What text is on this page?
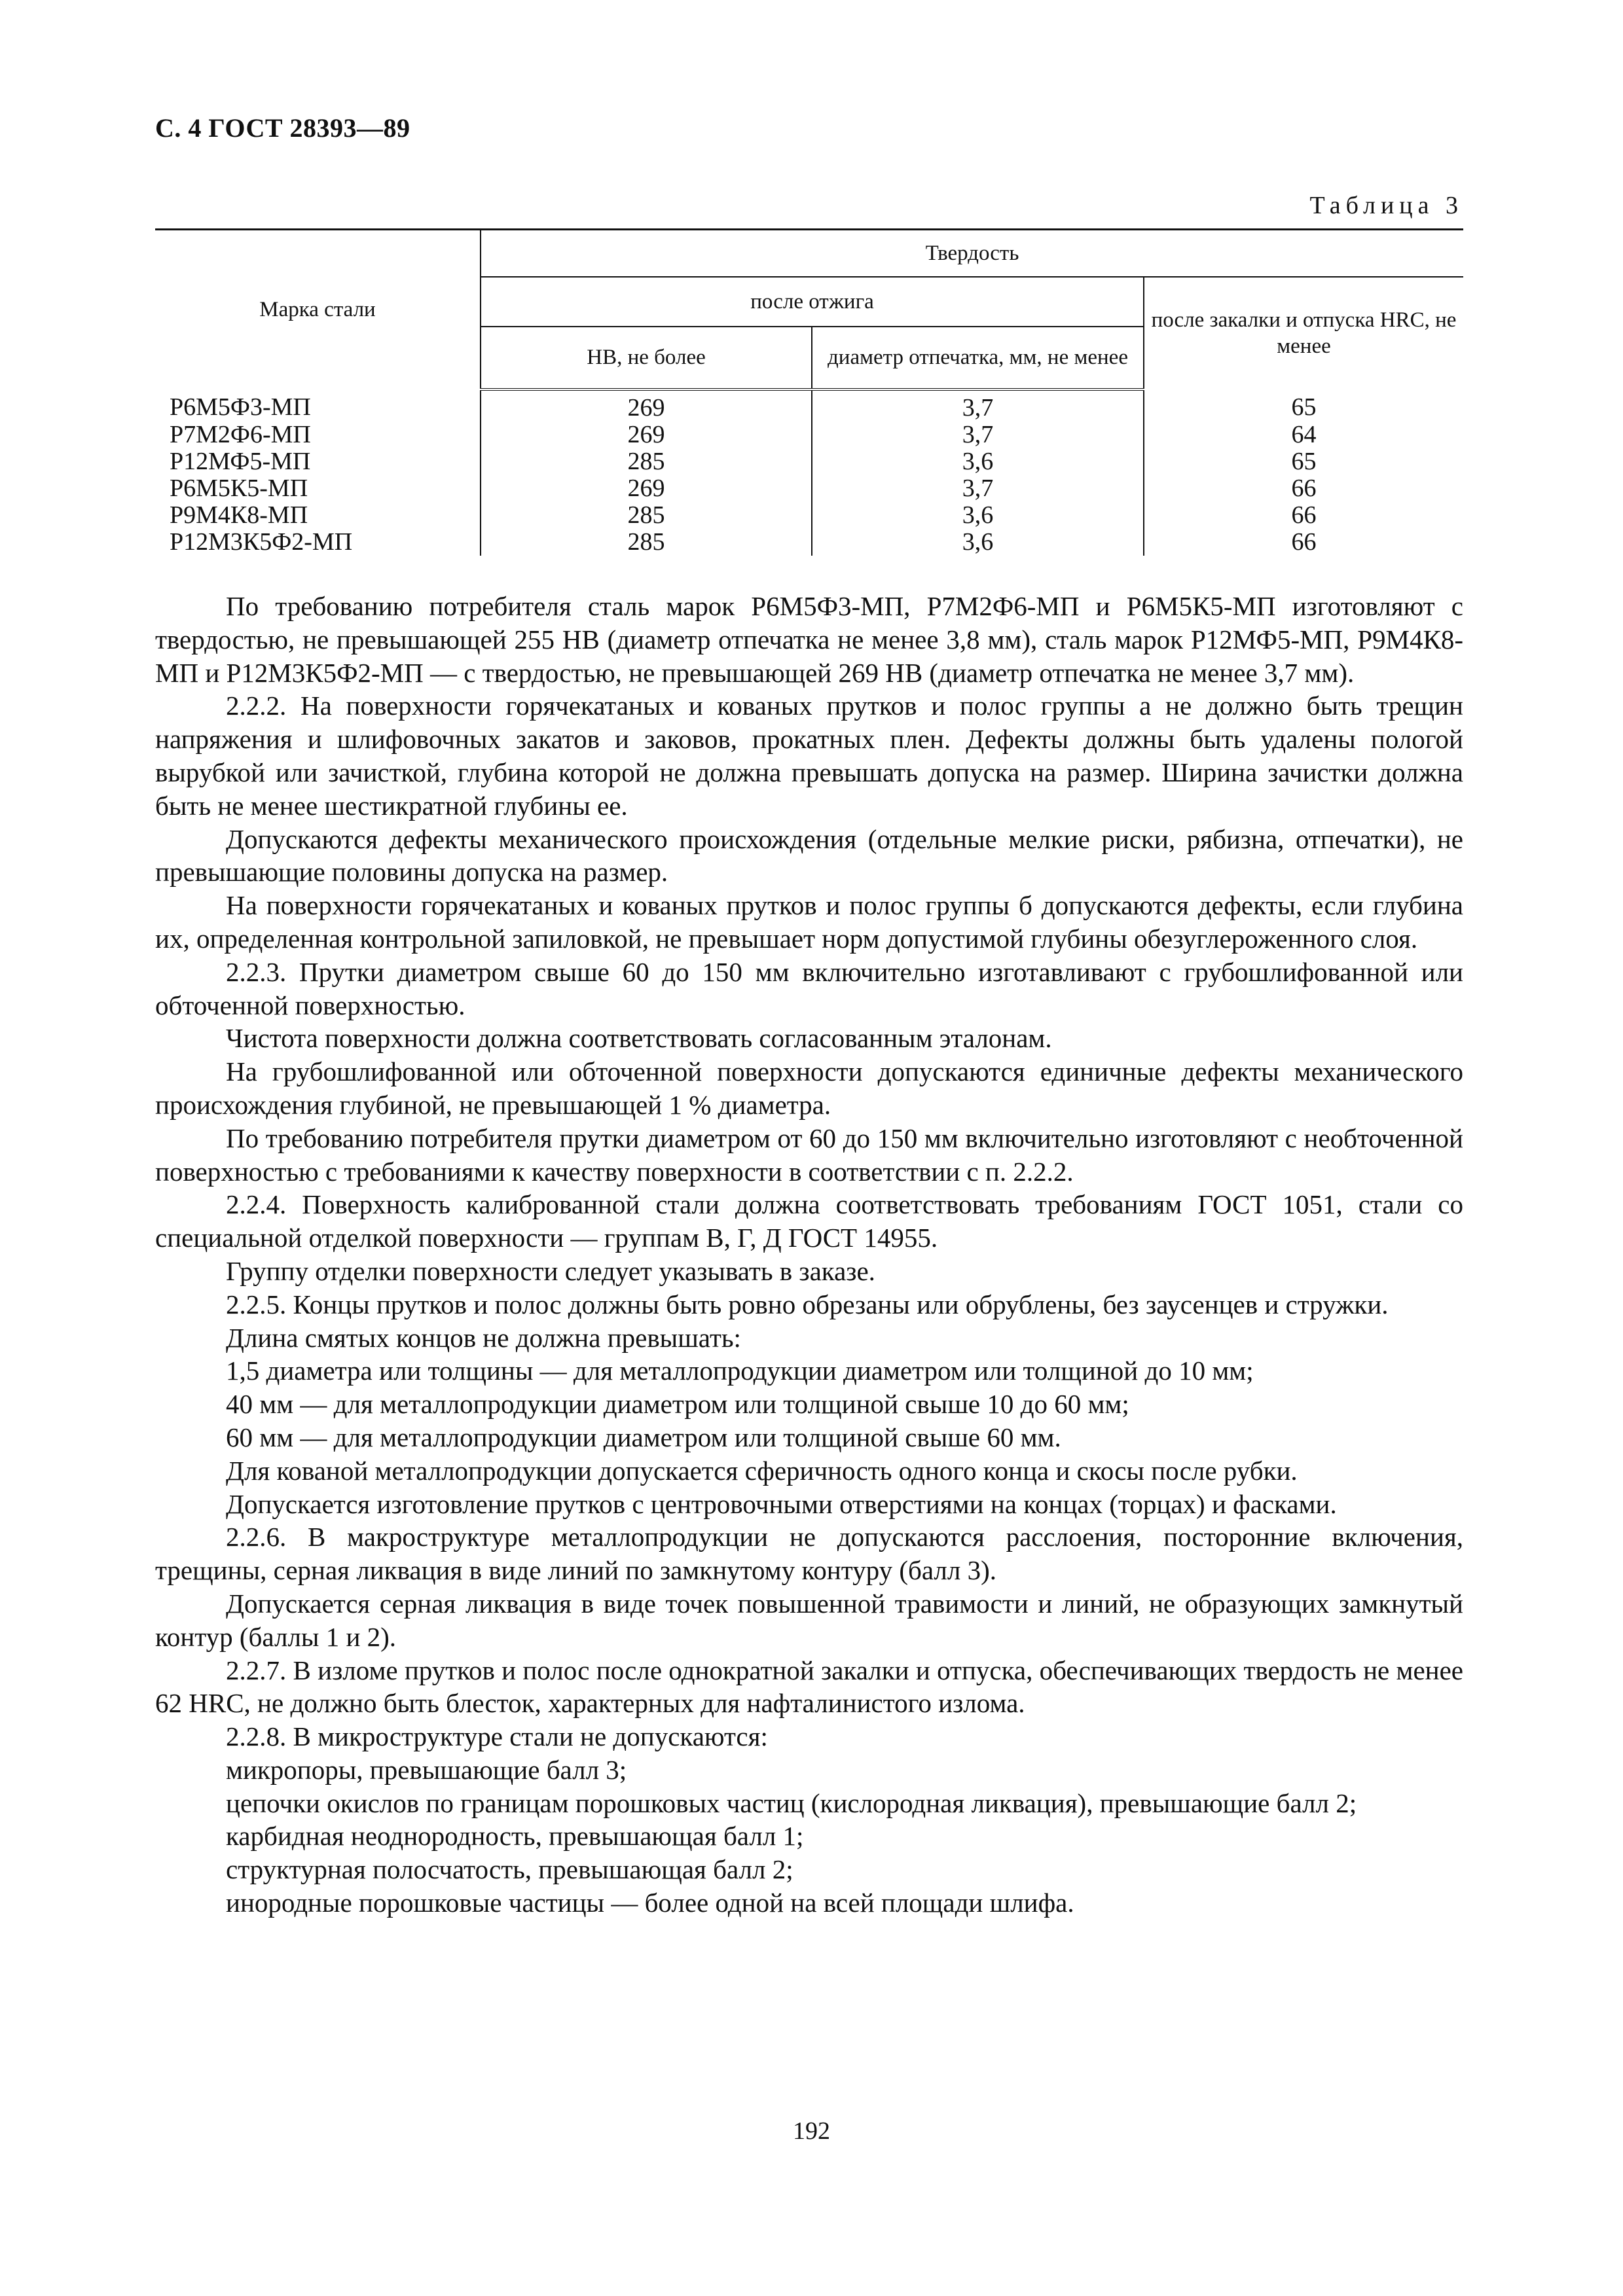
С. 4 ГОСТ 28393—89
Таблица 3
Марка стали	Твердость		
	после отжига		после закалки и отпуска HRC, не менее
	НВ, не более	диаметр отпечатка, мм, не менее	
Р6М5Ф3-МП	269	3,7	65
Р7М2Ф6-МП	269	3,7	64
Р12МФ5-МП	285	3,6	65
Р6М5К5-МП	269	3,7	66
Р9М4К8-МП	285	3,6	66
Р12М3К5Ф2-МП	285	3,6	66

По требованию потребителя сталь марок Р6М5Ф3-МП, Р7М2Ф6-МП и Р6М5К5-МП изготовляют с твердостью, не превышающей 255 НВ (диаметр отпечатка не менее 3,8 мм), сталь марок Р12МФ5-МП, Р9М4К8-МП и Р12М3К5Ф2-МП — с твердостью, не превышающей 269 НВ (диаметр отпечатка не менее 3,7 мм).

2.2.2. На поверхности горячекатаных и кованых прутков и полос группы а не должно быть трещин напряжения и шлифовочных закатов и заковов, прокатных плен. Дефекты должны быть удалены пологой вырубкой или зачисткой, глубина которой не должна превышать допуска на размер. Ширина зачистки должна быть не менее шестикратной глубины ее.

Допускаются дефекты механического происхождения (отдельные мелкие риски, рябизна, отпечатки), не превышающие половины допуска на размер.

На поверхности горячекатаных и кованых прутков и полос группы б допускаются дефекты, если глубина их, определенная контрольной запиловкой, не превышает норм допустимой глубины обезуглероженного слоя.

2.2.3. Прутки диаметром свыше 60 до 150 мм включительно изготавливают с грубошлифованной или обточенной поверхностью.

Чистота поверхности должна соответствовать согласованным эталонам.

На грубошлифованной или обточенной поверхности допускаются единичные дефекты механического происхождения глубиной, не превышающей 1 % диаметра.

По требованию потребителя прутки диаметром от 60 до 150 мм включительно изготовляют с необточенной поверхностью с требованиями к качеству поверхности в соответствии с п. 2.2.2.

2.2.4. Поверхность калиброванной стали должна соответствовать требованиям ГОСТ 1051, стали со специальной отделкой поверхности — группам В, Г, Д ГОСТ 14955.

Группу отделки поверхности следует указывать в заказе.

2.2.5. Концы прутков и полос должны быть ровно обрезаны или обрублены, без заусенцев и стружки.

Длина смятых концов не должна превышать:

1,5 диаметра или толщины — для металлопродукции диаметром или толщиной до 10 мм;

40 мм — для металлопродукции диаметром или толщиной свыше 10 до 60 мм;

60 мм — для металлопродукции диаметром или толщиной свыше 60 мм.

Для кованой металлопродукции допускается сферичность одного конца и скосы после рубки.

Допускается изготовление прутков с центровочными отверстиями на концах (торцах) и фасками.

2.2.6. В макроструктуре металлопродукции не допускаются расслоения, посторонние включения, трещины, серная ликвация в виде линий по замкнутому контуру (балл 3).

Допускается серная ликвация в виде точек повышенной травимости и линий, не образующих замкнутый контур (баллы 1 и 2).

2.2.7. В изломе прутков и полос после однократной закалки и отпуска, обеспечивающих твердость не менее 62 HRC, не должно быть блесток, характерных для нафталинистого излома.

2.2.8. В микроструктуре стали не допускаются:

микропоры, превышающие балл 3;

цепочки окислов по границам порошковых частиц (кислородная ликвация), превышающие балл 2;

карбидная неоднородность, превышающая балл 1;

структурная полосчатость, превышающая балл 2;

инородные порошковые частицы — более одной на всей площади шлифа.

192
